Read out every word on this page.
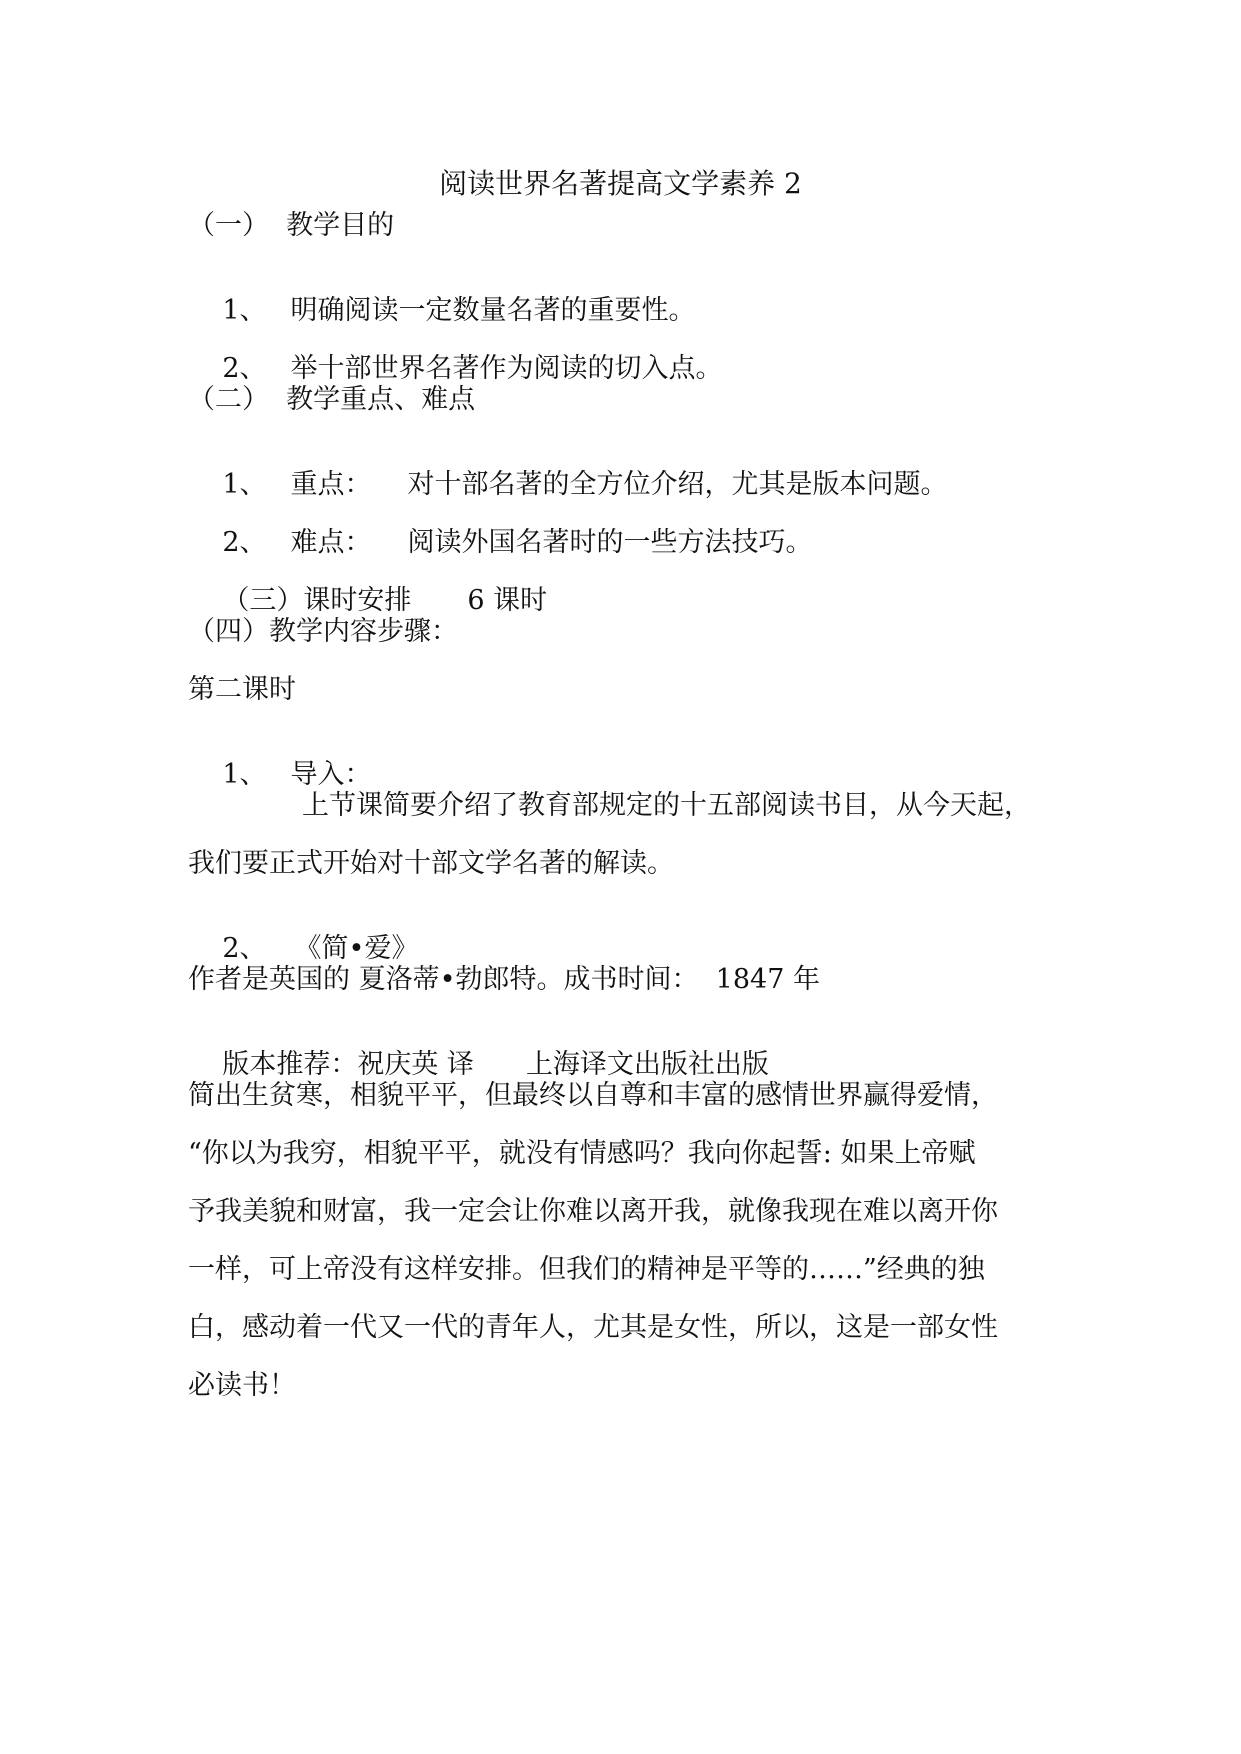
阅读世界名著提高文学素养 2
（一）  教学目的

1、 明确阅读一定数量名著的重要性。

2、 举十部世界名著作为阅读的切入点。

（二）  教学重点、难点

1、 重点： 对十部名著的全方位介绍，尤其是版本问题。

2、 难点： 阅读外国名著时的一些方法技巧。

（三）课时安排 6 课时

（四）教学内容步骤：
第二课时

1、 导入：

上节课简要介绍了教育部规定的十五部阅读书目，从今天起，
我们要正式开始对十部文学名著的解读。

2、 《简•爱》

作者是英国的 夏洛蒂•勃郎特。成书时间：  1847 年

版本推荐：祝庆英 译 上海译文出版社出版

简出生贫寒，相貌平平，但最终以自尊和丰富的感情世界赢得爱情，
“你以为我穷，相貌平平，就没有情感吗？我向你起誓: 如果上帝赋
予我美貌和财富，我一定会让你难以离开我，就像我现在难以离开你
一样，可上帝没有这样安排。但我们的精神是平等的……”经典的独
白，感动着一代又一代的青年人，尤其是女性，所以，这是一部女性
必读书！
